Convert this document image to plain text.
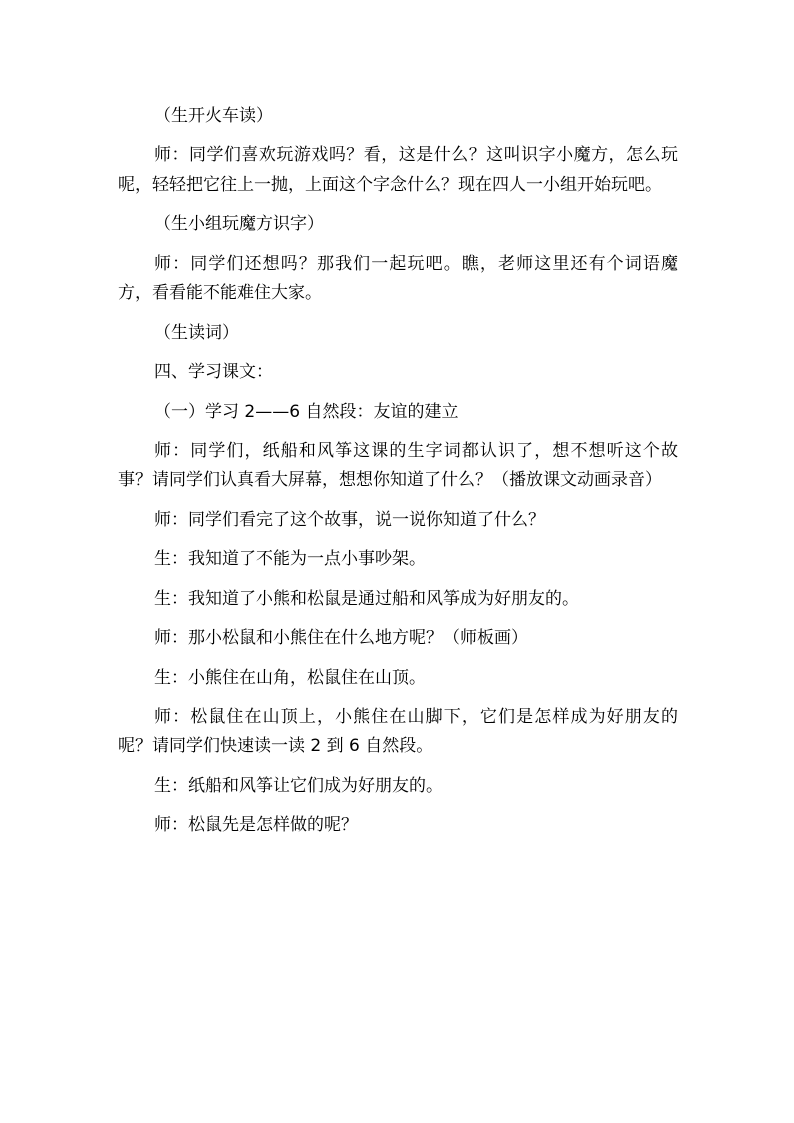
（生开火车读）

师：同学们喜欢玩游戏吗？看，这是什么？这叫识字小魔方，怎么玩呢，轻轻把它往上一抛，上面这个字念什么？现在四人一小组开始玩吧。

（生小组玩魔方识字）

师：同学们还想吗？那我们一起玩吧。瞧，老师这里还有个词语魔方，看看能不能难住大家。

（生读词）

四、学习课文：

（一）学习 2——6 自然段：友谊的建立

师：同学们，纸船和风筝这课的生字词都认识了，想不想听这个故事？请同学们认真看大屏幕，想想你知道了什么？（播放课文动画录音）

师：同学们看完了这个故事，说一说你知道了什么？

生：我知道了不能为一点小事吵架。

生：我知道了小熊和松鼠是通过船和风筝成为好朋友的。

师：那小松鼠和小熊住在什么地方呢？（师板画）

生：小熊住在山角，松鼠住在山顶。

师：松鼠住在山顶上，小熊住在山脚下，它们是怎样成为好朋友的呢？请同学们快速读一读 2 到 6 自然段。

生：纸船和风筝让它们成为好朋友的。

师：松鼠先是怎样做的呢？
